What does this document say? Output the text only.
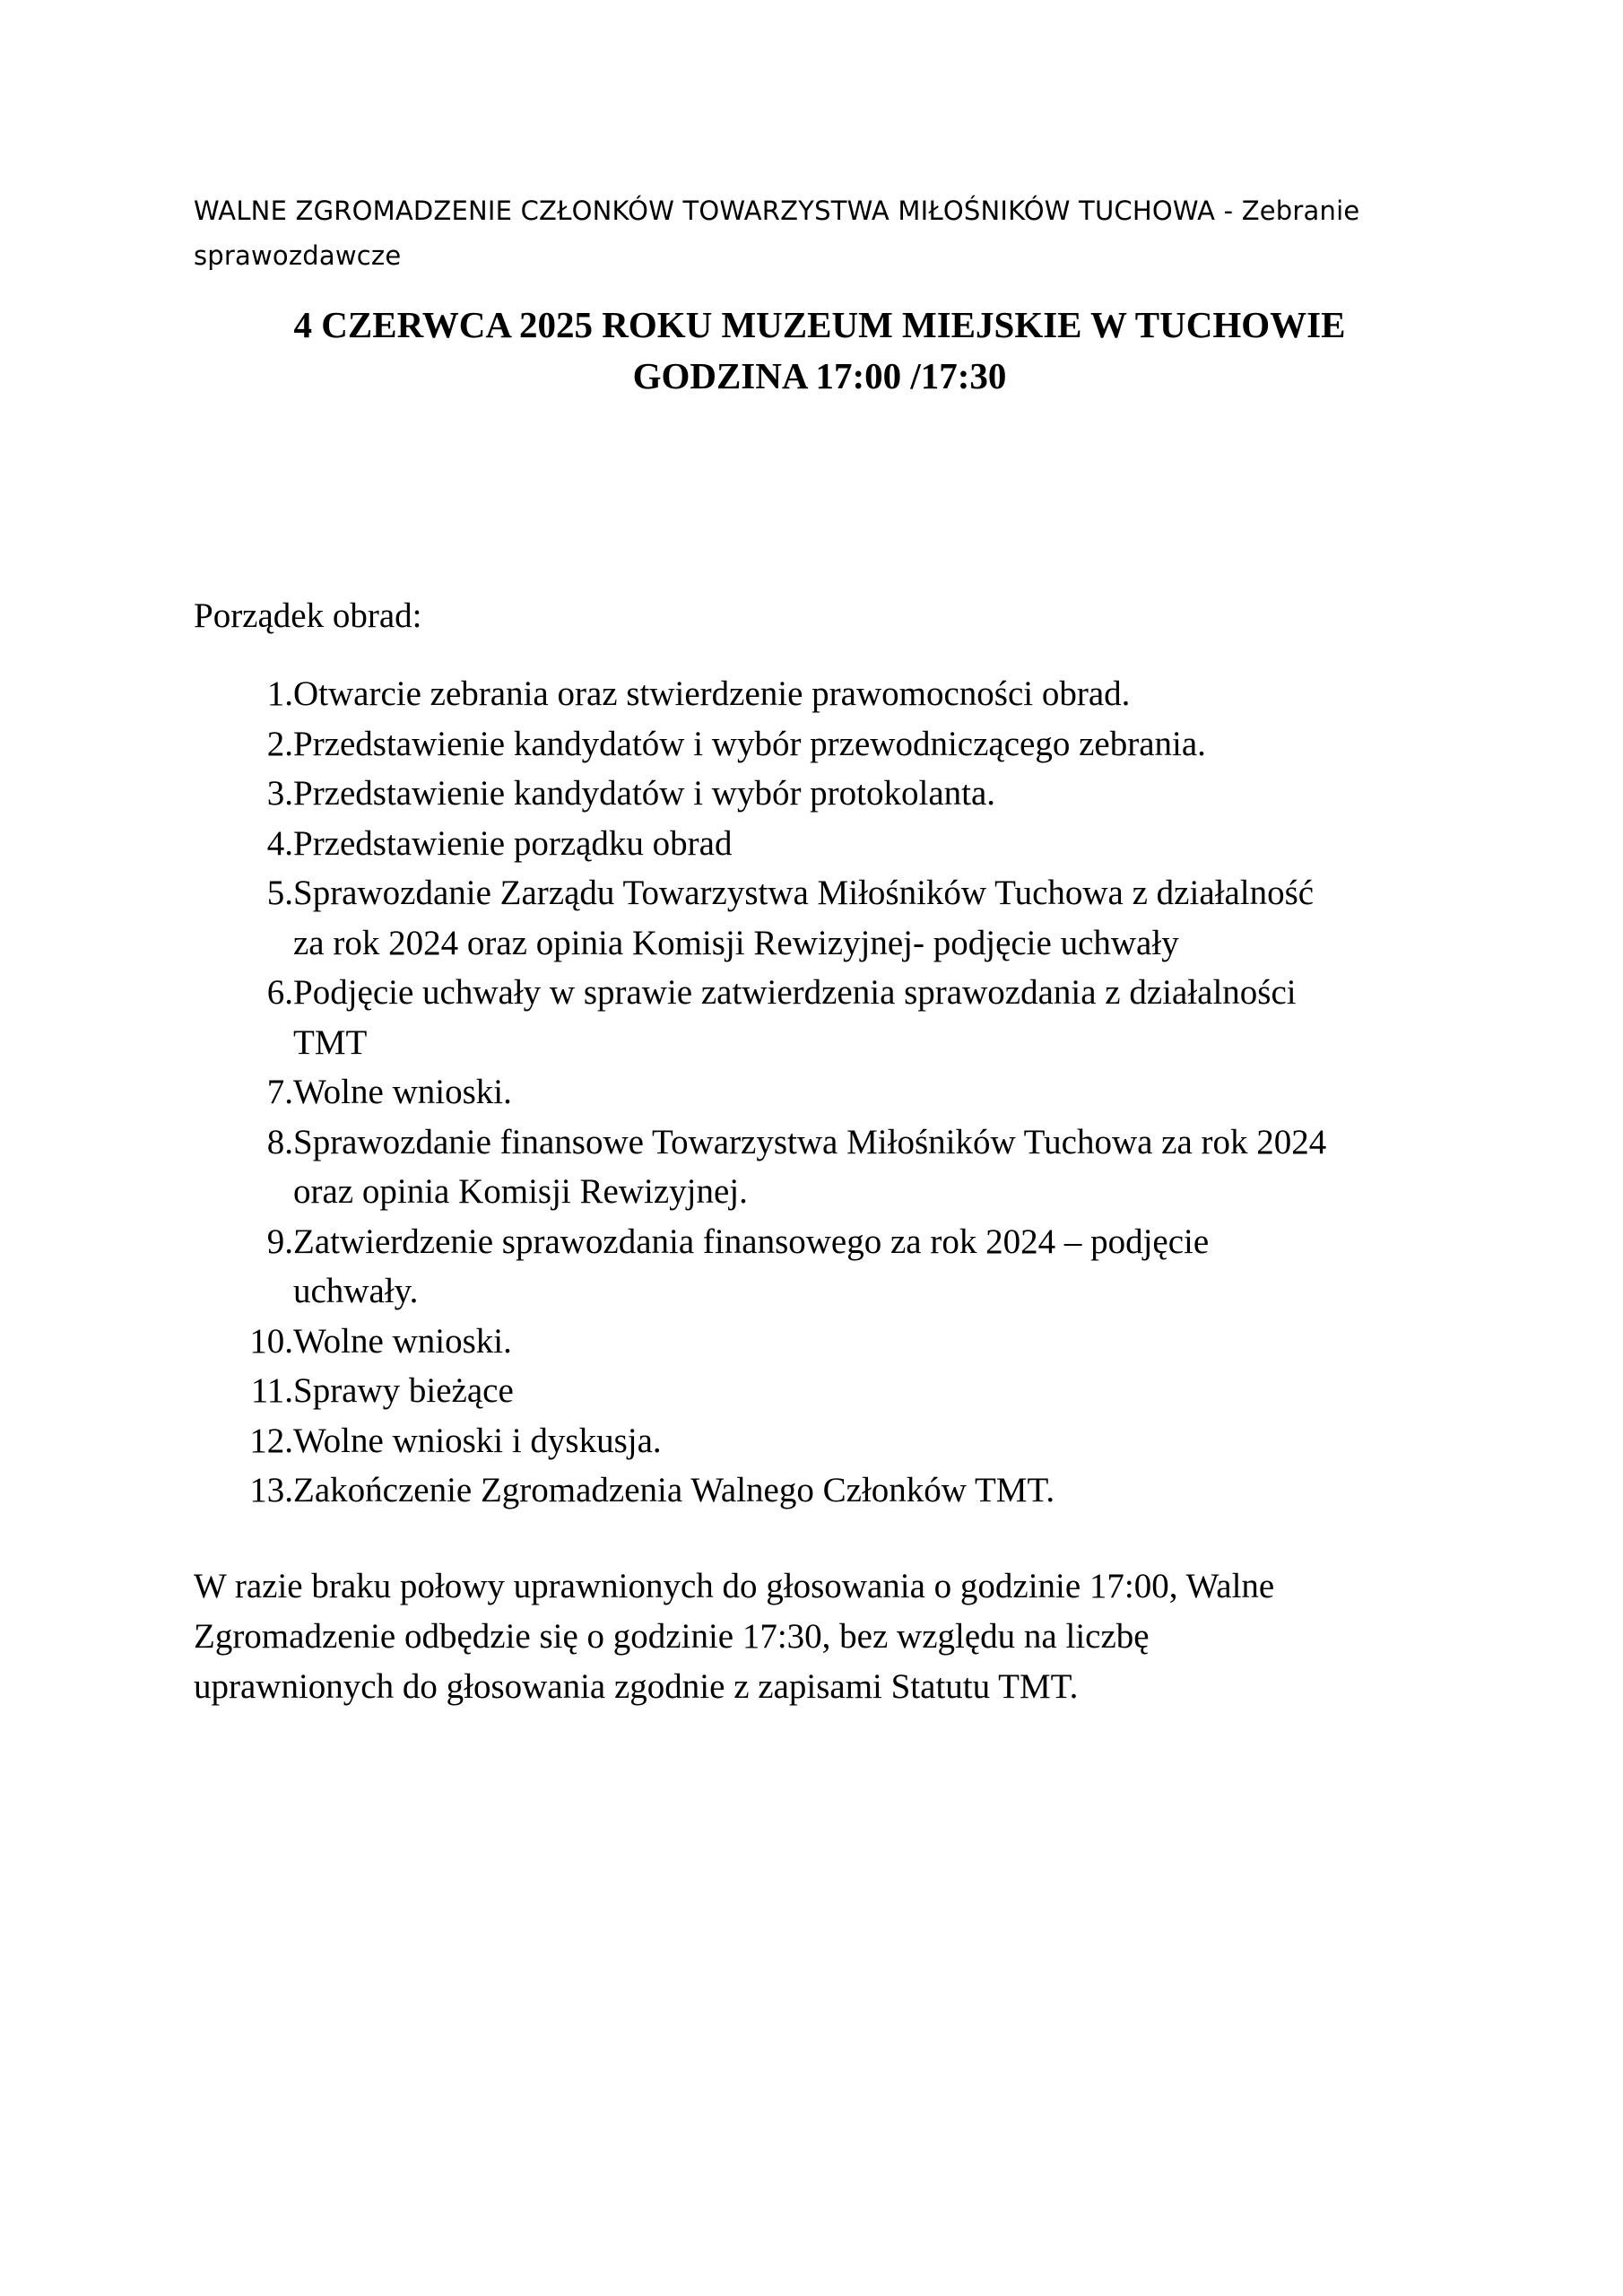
WALNE ZGROMADZENIE CZŁONKÓW TOWARZYSTWA MIŁOŚNIKÓW TUCHOWA - Zebranie
sprawozdawcze
4 CZERWCA 2025 ROKU MUZEUM MIEJSKIE W TUCHOWIE
GODZINA 17:00 /17:30
Porządek obrad:
1. Otwarcie zebrania oraz stwierdzenie prawomocności obrad.
2. Przedstawienie kandydatów i wybór przewodniczącego zebrania.
3. Przedstawienie kandydatów i wybór protokolanta.
4. Przedstawienie porządku obrad
5. Sprawozdanie Zarządu Towarzystwa Miłośników Tuchowa z działalność
za rok 2024 oraz opinia Komisji Rewizyjnej- podjęcie uchwały
6. Podjęcie uchwały w sprawie zatwierdzenia sprawozdania z działalności
TMT
7. Wolne wnioski.
8. Sprawozdanie finansowe Towarzystwa Miłośników Tuchowa za rok 2024
oraz opinia Komisji Rewizyjnej.
9. Zatwierdzenie sprawozdania finansowego za rok 2024 – podjęcie
uchwały.
10. Wolne wnioski.
11. Sprawy bieżące
12. Wolne wnioski i dyskusja.
13. Zakończenie Zgromadzenia Walnego Członków TMT.
W razie braku połowy uprawnionych do głosowania o godzinie 17:00, Walne
Zgromadzenie odbędzie się o godzinie 17:30, bez względu na liczbę
uprawnionych do głosowania zgodnie z zapisami Statutu TMT.
